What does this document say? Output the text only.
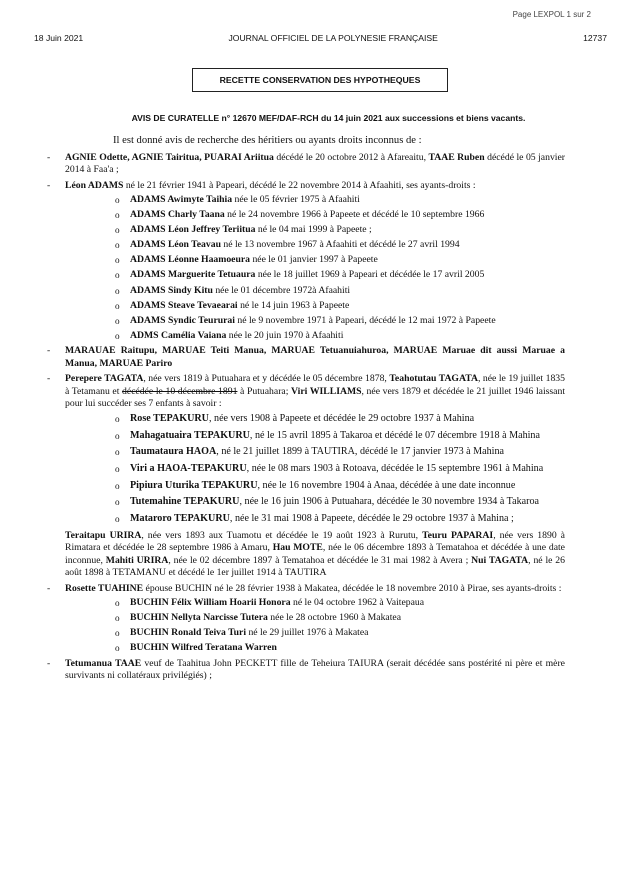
Page LEXPOL 1 sur 2
18 Juin 2021	JOURNAL OFFICIEL DE LA POLYNESIE FRANÇAISE	12737
RECETTE CONSERVATION DES HYPOTHEQUES
AVIS DE CURATELLE n° 12670 MEF/DAF-RCH du 14 juin 2021 aux successions et biens vacants.

Il est donné avis de recherche des héritiers ou ayants droits inconnus de :

- AGNIE Odette, AGNIE Tairitua, PUARAI Ariitua décédé le 20 octobre 2012 à Afareaitu, TAAE Ruben décédé le 05 janvier 2014 à Faa'a ;
- Léon ADAMS né le 21 février 1941 à Papeari, décédé le 22 novembre 2014 à Afaahiti, ses ayants-droits :
o ADAMS Awimyte Taihia née le 05 février 1975 à Afaahiti
o ADAMS Charly Taana né le 24 novembre 1966 à Papeete et décédé le 10 septembre 1966
o ADAMS Léon Jeffrey Teriitua né le 04 mai 1999 à Papeete ;
o ADAMS Léon Teavau né le 13 novembre 1967 à Afaahiti et décédé le 27 avril 1994
o ADAMS Léonne Haamoeura née le 01 janvier 1997 à Papeete
o ADAMS Marguerite Tetuaura née le 18 juillet 1969 à Papeari et décédée le 17 avril 2005
o ADAMS Sindy Kitu née le 01 décembre 1972à Afaahiti
o ADAMS Steave Tevaearai né le 14 juin 1963 à Papeete
o ADAMS Syndic Teururai né le 9 novembre 1971 à Papeari, décédé le 12 mai 1972 à Papeete
o ADMS Camélia Vaiana née le 20 juin 1970 à Afaahiti
- MARAUAE Raitupu, MARUAE Teiti Manua, MARUAE Tetuanuiahuroa, MARUAE Maruae dit aussi Maruae a Manua, MARUAE Pariro
- Perepere TAGATA, née vers 1819 à Putuahara et y décédée le 05 décembre 1878, Teahotutau TAGATA, née le 19 juillet 1835 à Tetamanu et décédée le 10 décembre 1891 à Putuahara; Viri WILLIAMS, née vers 1879 et décédée le 21 juillet 1946 laissant pour lui succéder ses 7 enfants à savoir :
o Rose TEPAKURU, née vers 1908 à Papeete et décédée le 29 octobre 1937 à Mahina
o Mahagatuaira TEPAKURU, né le 15 avril 1895 à Takaroa et décédé le 07 décembre 1918 à Mahina
o Taumataura HAOA, né le 21 juillet 1899 à TAUTIRA, décédé le 17 janvier 1973 à Mahina
o Viri a HAOA-TEPAKURU, née le 08 mars 1903 à Rotoava, décédée le 15 septembre 1961 à Mahina
o Pipiura Uturika TEPAKURU, née le 16 novembre 1904 à Anaa, décédée à une date inconnue
o Tutemahine TEPAKURU, née le 16 juin 1906 à Putuahara, décédée le 30 novembre 1934 à Takaroa
o Mataroro TEPAKURU, née le 31 mai 1908 à Papeete, décédée le 29 octobre 1937 à Mahina ;
Teraitapu URIRA, née vers 1893 aux Tuamotu et décédée le 19 août 1923 à Rurutu, Teuru PAPARAI, née vers 1890 à Rimatara et décédée le 28 septembre 1986 à Amaru, Hau MOTE, née le 06 décembre 1893 à Tematahoa et décédée à une date inconnue, Mahiti URIRA, née le 02 décembre 1897 à Tematahoa et décédée le 31 mai 1982 à Avera ; Nui TAGATA, né le 26 août 1898 à TETAMANU et décédé le 1er juillet 1914 à TAUTIRA
- Rosette TUAHINE épouse BUCHIN né le 28 février 1938 à Makatea, décédée le 18 novembre 2010 à Pirae, ses ayants-droits :
o BUCHIN Félix William Hoarii Honora né le 04 octobre 1962 à Vaitepaua
o BUCHIN Nellyta Narcisse Tutera née le 28 octobre 1960 à Makatea
o BUCHIN Ronald Teiva Turi né le 29 juillet 1976 à Makatea
o BUCHIN Wilfred Teratana Warren
- Tetumanua TAAE veuf de Taahitua John PECKETT fille de Teheiura TAIURA (serait décédée sans postérité ni père et mère survivants ni collatéraux privilégiés) ;
